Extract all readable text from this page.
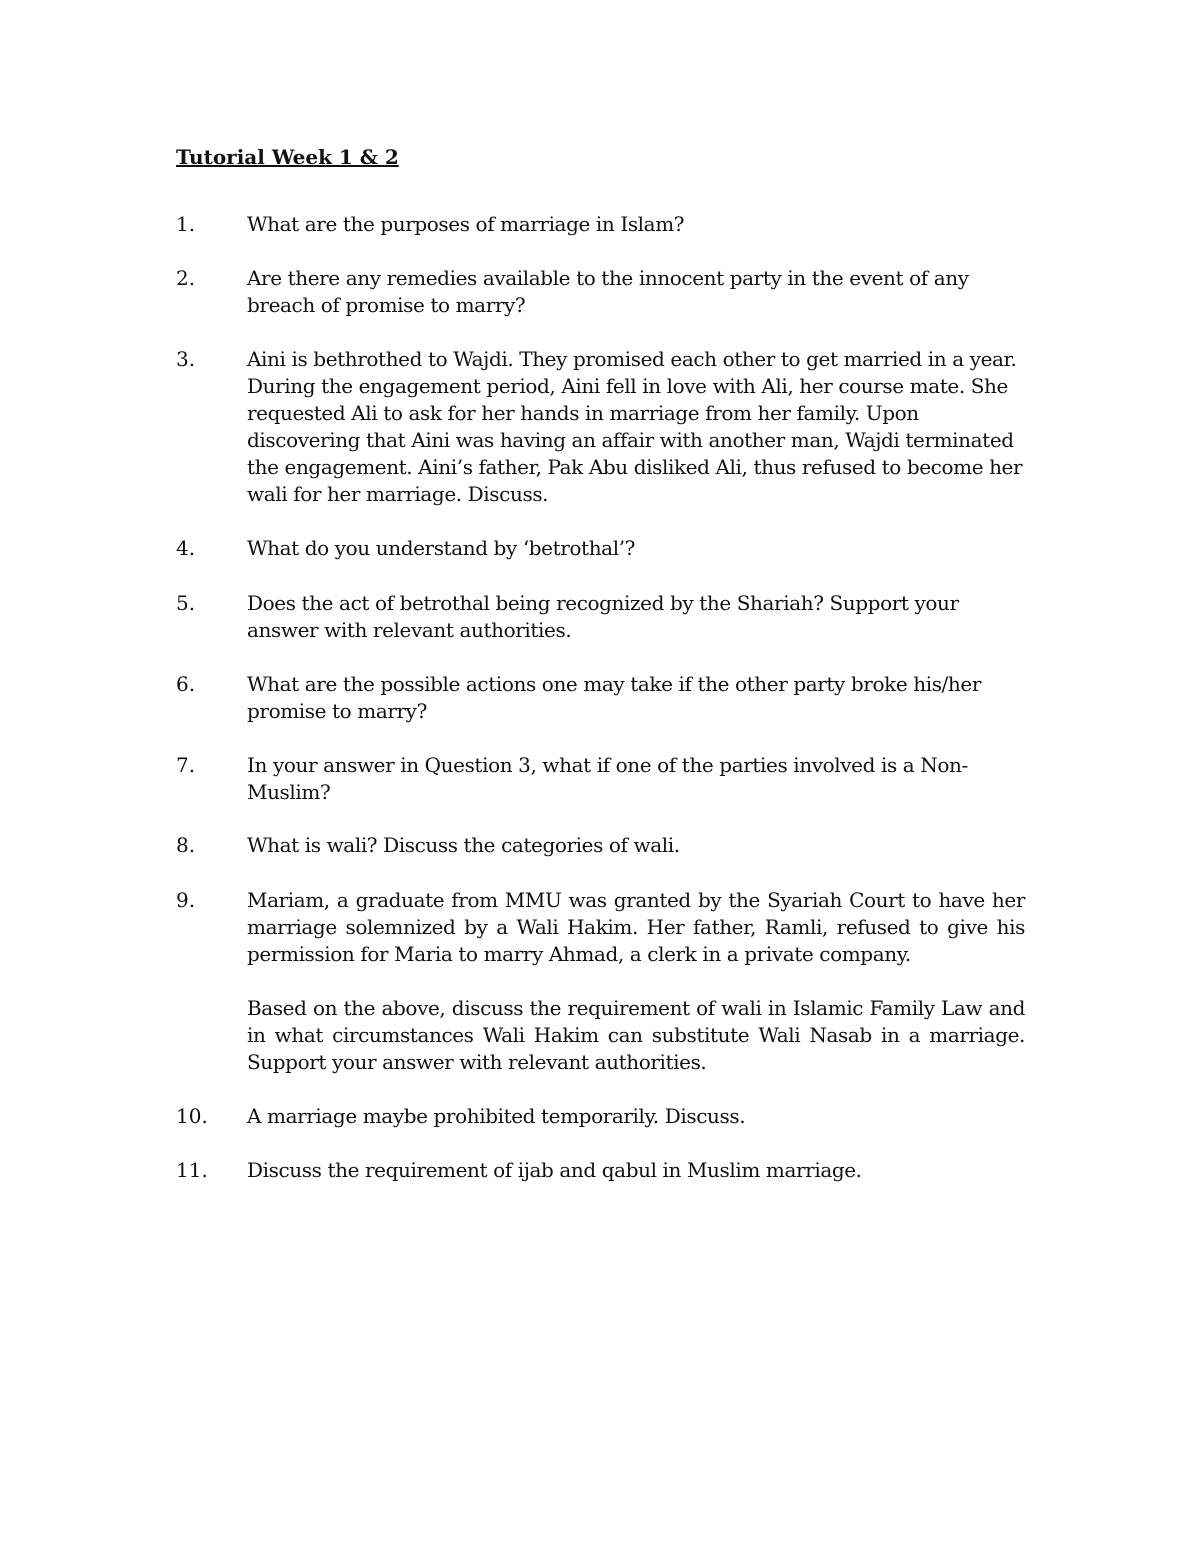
Tutorial Week 1 & 2
1.	What are the purposes of marriage in Islam?

2.	Are there any remedies available to the innocent party in the event of any breach of promise to marry?

3.	Aini is bethrothed to Wajdi. They promised each other to get married in a year. During the engagement period, Aini fell in love with Ali, her course mate. She requested Ali to ask for her hands in marriage from her family. Upon discovering that Aini was having an affair with another man, Wajdi terminated the engagement. Aini’s father, Pak Abu disliked Ali, thus refused to become her wali for her marriage. Discuss.

4.	What do you understand by ‘betrothal’?

5.	Does the act of betrothal being recognized by the Shariah? Support your answer with relevant authorities.

6.	What are the possible actions one may take if the other party broke his/her promise to marry?

7.	In your answer in Question 3, what if one of the parties involved is a Non-Muslim?

8.	What is wali? Discuss the categories of wali.

9.	Mariam, a graduate from MMU was granted by the Syariah Court to have her marriage solemnized by a Wali Hakim. Her father, Ramli, refused to give his permission for Maria to marry Ahmad, a clerk in a private company.

Based on the above, discuss the requirement of wali in Islamic Family Law and in what circumstances Wali Hakim can substitute Wali Nasab in a marriage. Support your answer with relevant authorities.

10. A marriage maybe prohibited temporarily. Discuss.

11. Discuss the requirement of ijab and qabul in Muslim marriage.
